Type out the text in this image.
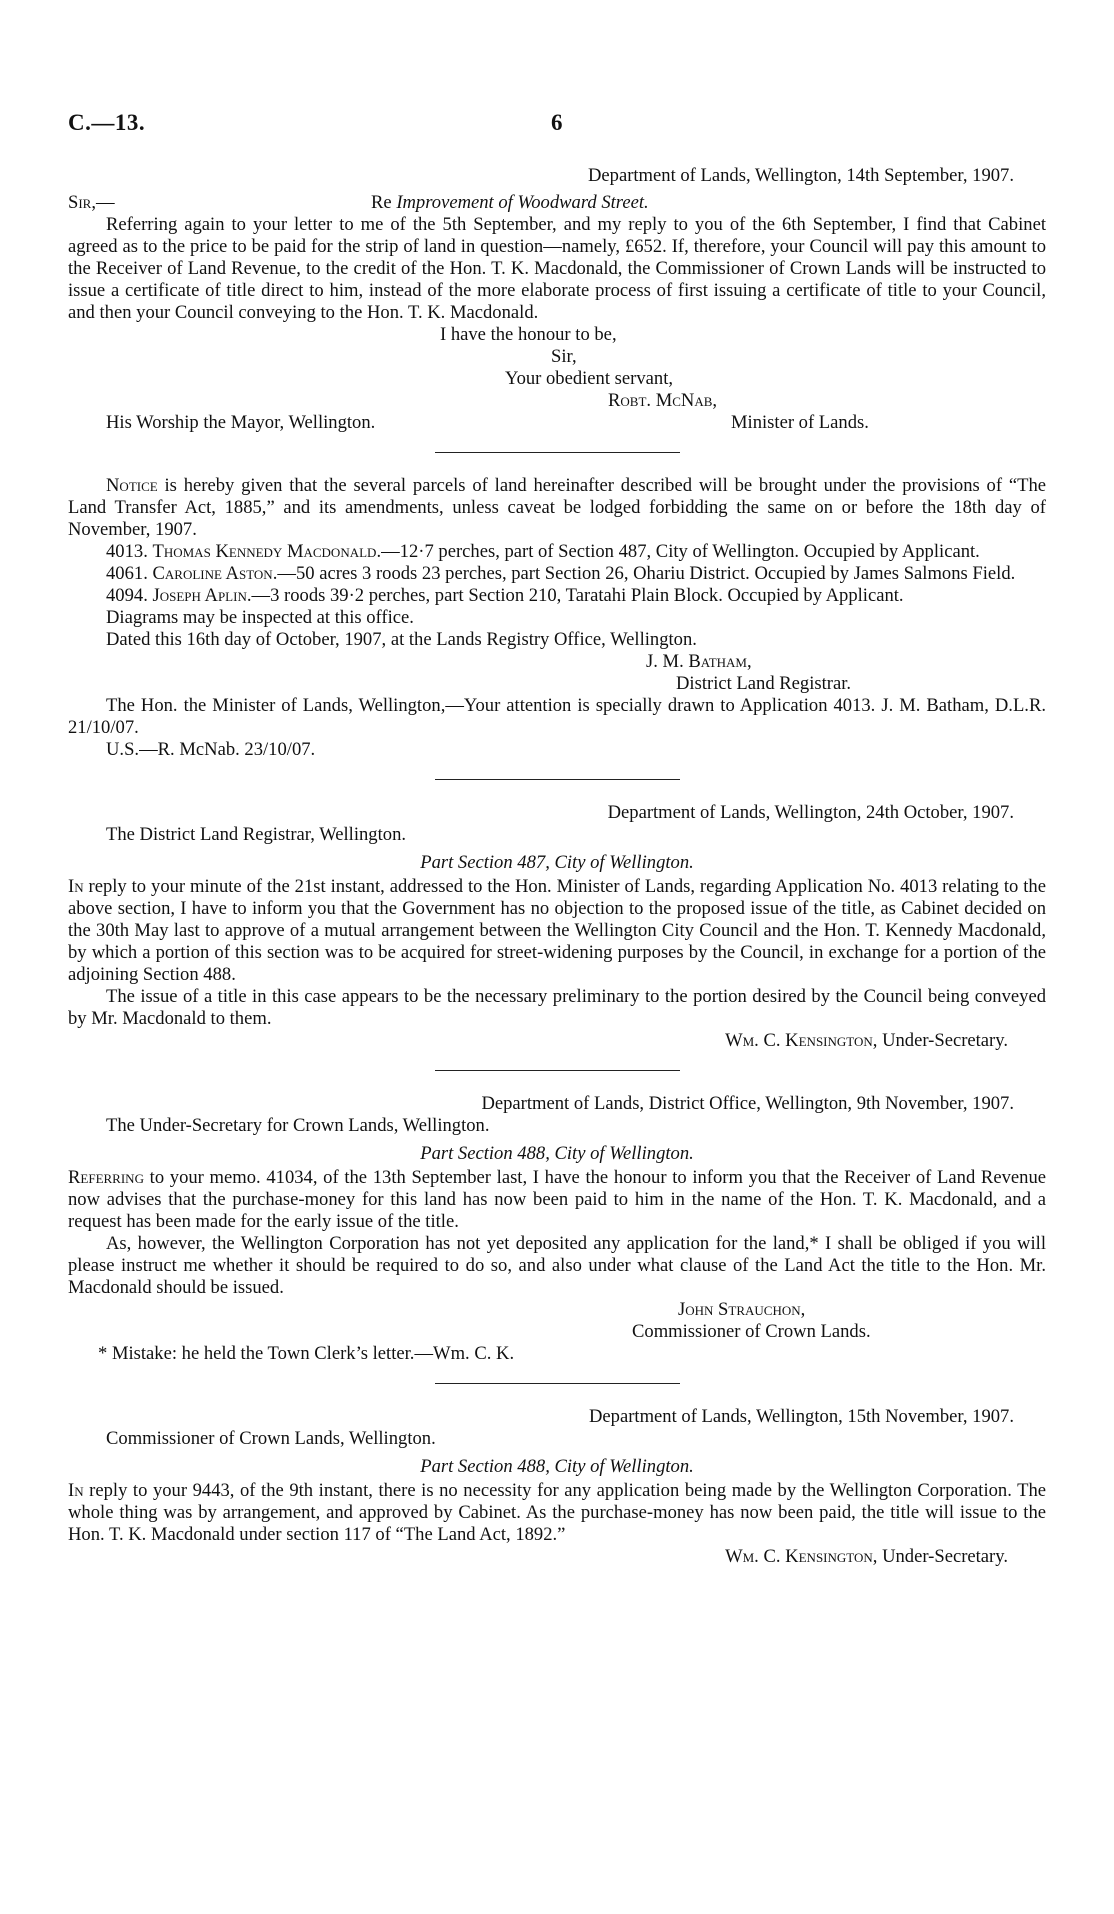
C.—13.	6

Department of Lands, Wellington, 14th September, 1907.

Sir,—	Re Improvement of Woodward Street.

Referring again to your letter to me of the 5th September, and my reply to you of the 6th September, I find that Cabinet agreed as to the price to be paid for the strip of land in question—namely, £652. If, therefore, your Council will pay this amount to the Receiver of Land Revenue, to the credit of the Hon. T. K. Macdonald, the Commissioner of Crown Lands will be instructed to issue a certificate of title direct to him, instead of the more elaborate process of first issuing a certificate of title to your Council, and then your Council conveying to the Hon. T. K. Macdonald.

I have the honour to be,

Sir,

Your obedient servant,

Robt. McNab,

His Worship the Mayor, Wellington.	Minister of Lands.

Notice is hereby given that the several parcels of land hereinafter described will be brought under the provisions of “The Land Transfer Act, 1885,” and its amendments, unless caveat be lodged forbidding the same on or before the 18th day of November, 1907.

4013. Thomas Kennedy Macdonald.—12·7 perches, part of Section 487, City of Wellington. Occupied by Applicant.

4061. Caroline Aston.—50 acres 3 roods 23 perches, part Section 26, Ohariu District. Occupied by James Salmons Field.

4094. Joseph Aplin.—3 roods 39·2 perches, part Section 210, Taratahi Plain Block. Occupied by Applicant.

Diagrams may be inspected at this office.

Dated this 16th day of October, 1907, at the Lands Registry Office, Wellington.

J. M. Batham,

District Land Registrar.

The Hon. the Minister of Lands, Wellington,—Your attention is specially drawn to Application 4013. J. M. Batham, D.L.R. 21/10/07.

U.S.—R. McNab. 23/10/07.

Department of Lands, Wellington, 24th October, 1907.

The District Land Registrar, Wellington.

Part Section 487, City of Wellington.

In reply to your minute of the 21st instant, addressed to the Hon. Minister of Lands, regarding Application No. 4013 relating to the above section, I have to inform you that the Government has no objection to the proposed issue of the title, as Cabinet decided on the 30th May last to approve of a mutual arrangement between the Wellington City Council and the Hon. T. Kennedy Macdonald, by which a portion of this section was to be acquired for street-widening purposes by the Council, in exchange for a portion of the adjoining Section 488.

The issue of a title in this case appears to be the necessary preliminary to the portion desired by the Council being conveyed by Mr. Macdonald to them.

Wm. C. Kensington, Under-Secretary.

Department of Lands, District Office, Wellington, 9th November, 1907.

The Under-Secretary for Crown Lands, Wellington.

Part Section 488, City of Wellington.

Referring to your memo. 41034, of the 13th September last, I have the honour to inform you that the Receiver of Land Revenue now advises that the purchase-money for this land has now been paid to him in the name of the Hon. T. K. Macdonald, and a request has been made for the early issue of the title.

As, however, the Wellington Corporation has not yet deposited any application for the land,* I shall be obliged if you will please instruct me whether it should be required to do so, and also under what clause of the Land Act the title to the Hon. Mr. Macdonald should be issued.

John Strauchon,

Commissioner of Crown Lands.

* Mistake: he held the Town Clerk’s letter.—Wm. C. K.

Department of Lands, Wellington, 15th November, 1907.

Commissioner of Crown Lands, Wellington.

Part Section 488, City of Wellington.

In reply to your 9443, of the 9th instant, there is no necessity for any application being made by the Wellington Corporation. The whole thing was by arrangement, and approved by Cabinet. As the purchase-money has now been paid, the title will issue to the Hon. T. K. Macdonald under section 117 of “The Land Act, 1892.”

Wm. C. Kensington, Under-Secretary.
